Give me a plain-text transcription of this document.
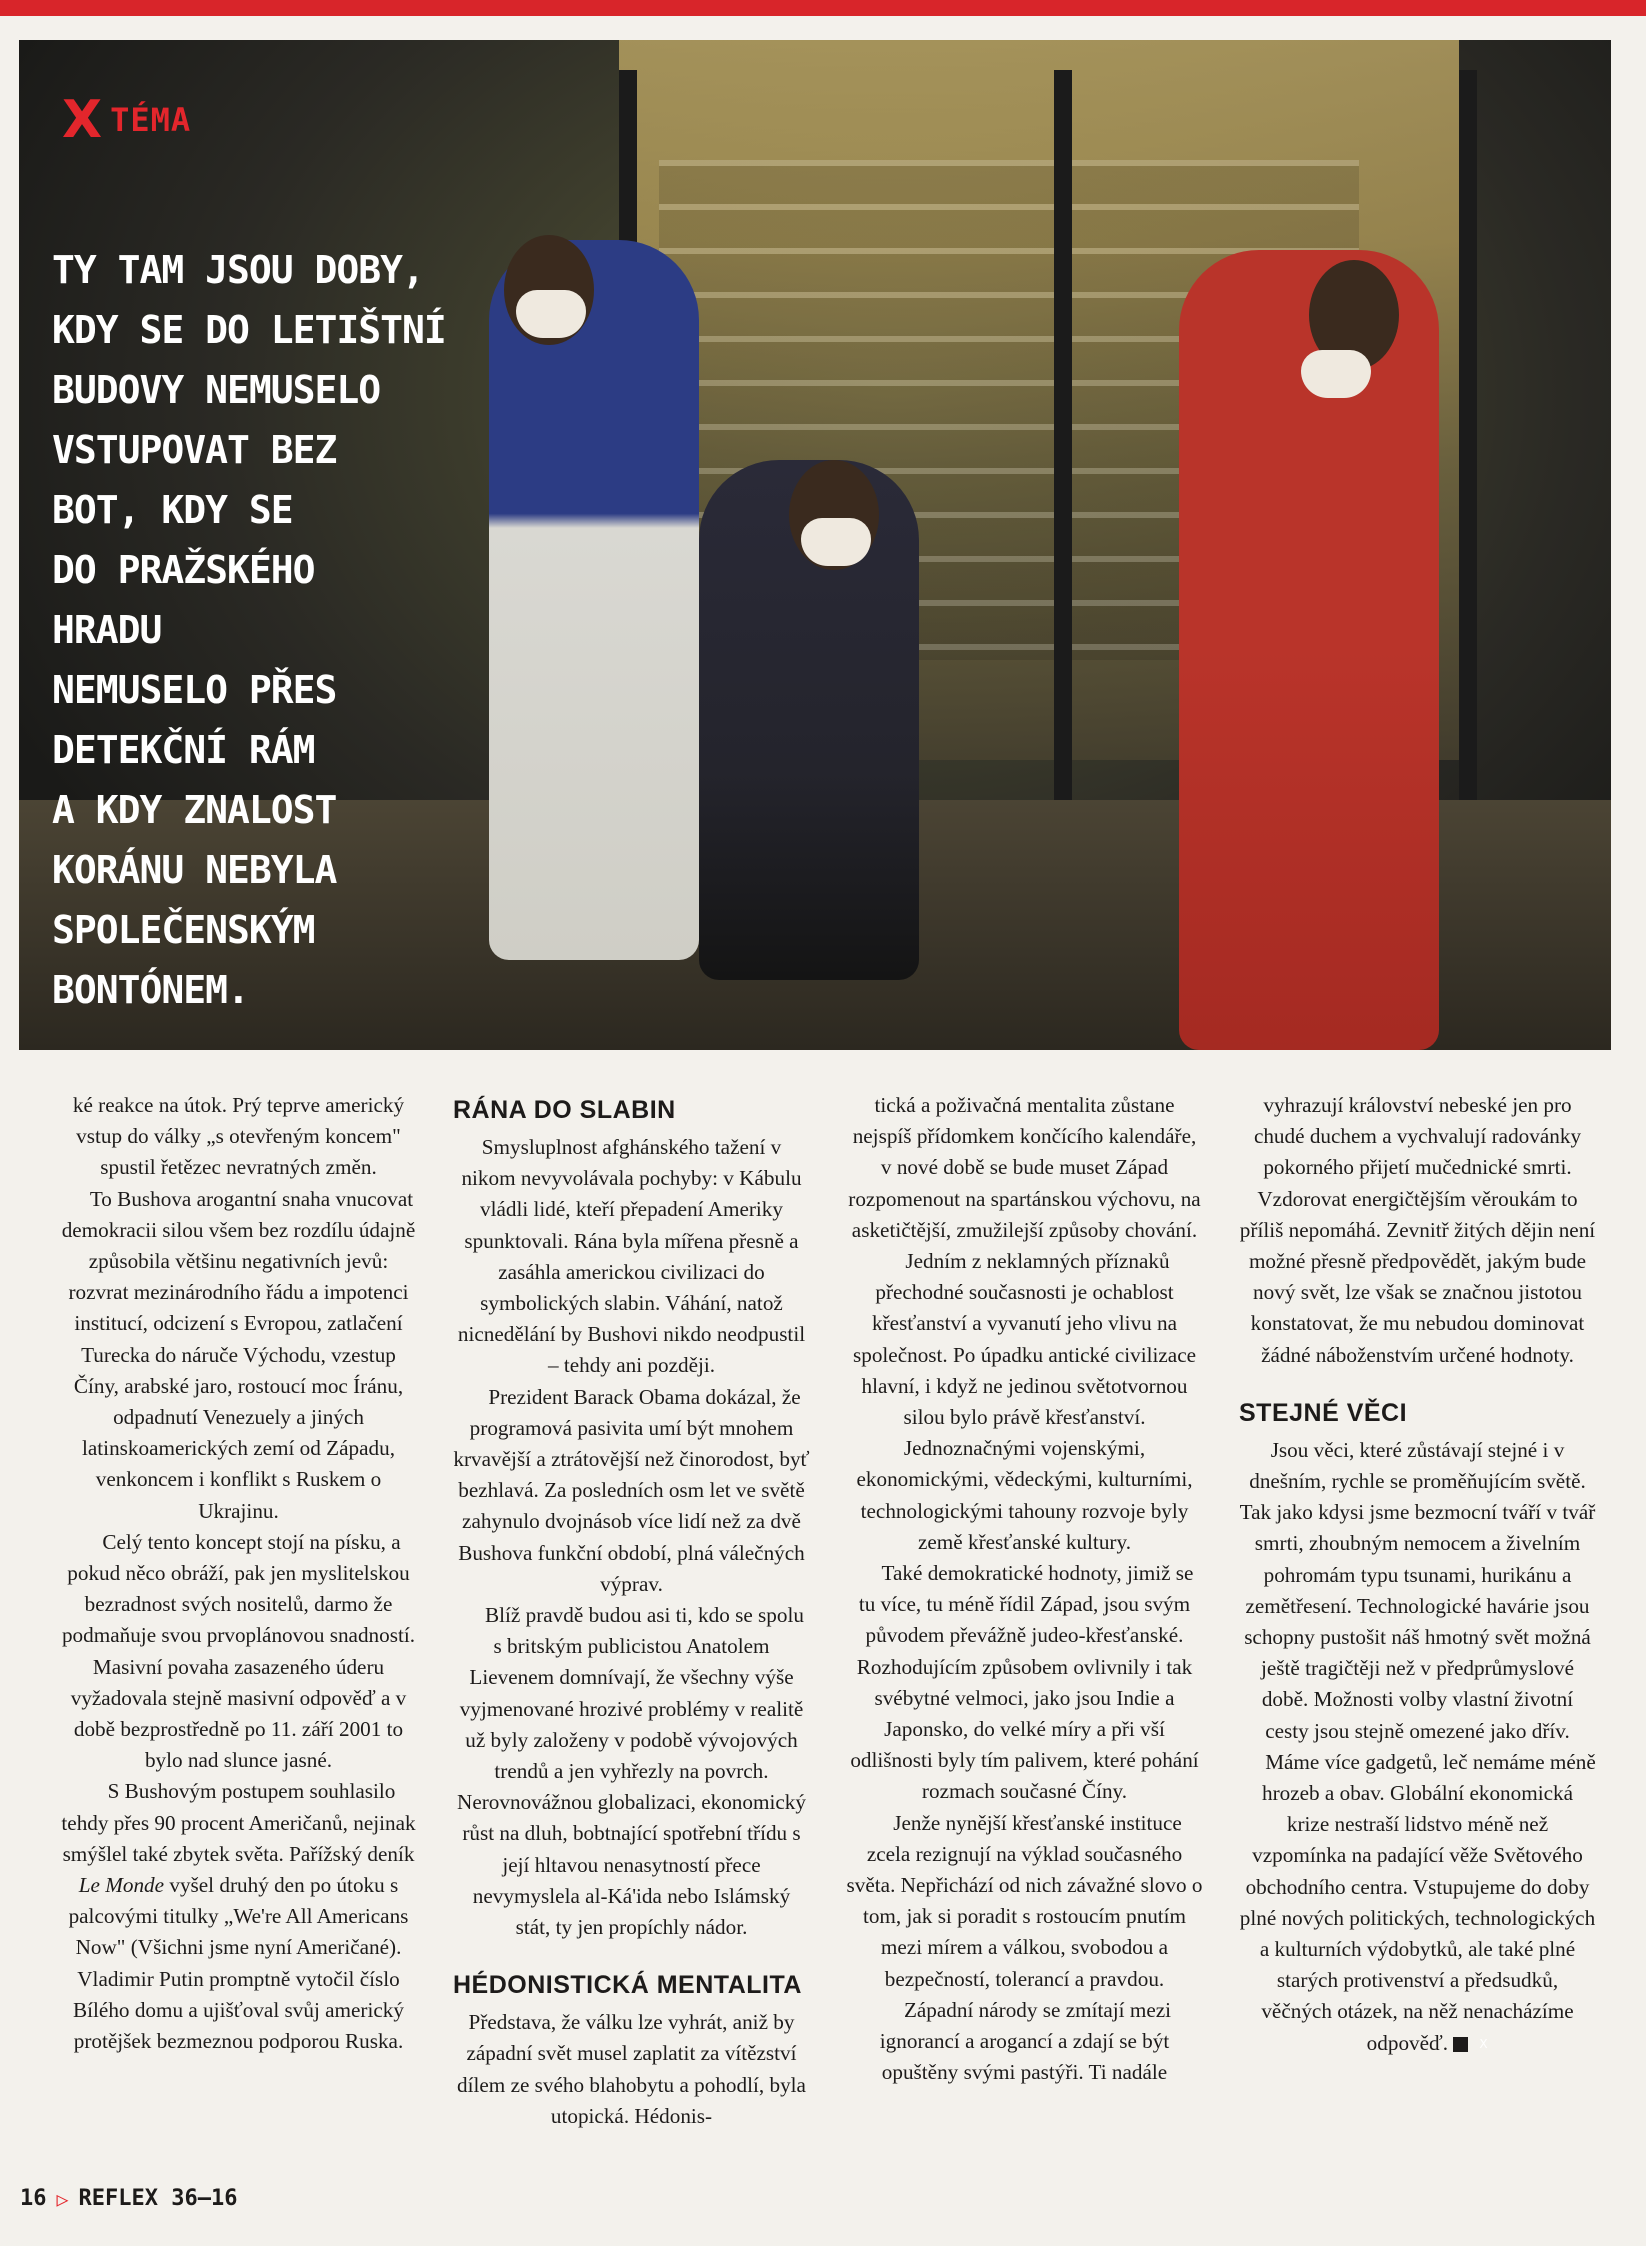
X TÉMA
TY TAM JSOU DOBY,
KDY SE DO LETIŠTNÍ
BUDOVY NEMUSELO
VSTUPOVAT BEZ
BOT, KDY SE
DO PRAŽSKÉHO
HRADU
NEMUSELO PŘES
DETEKČNÍ RÁM
A KDY ZNALOST
KORÁNU NEBYLA
SPOLEČENSKÝM
BONTÓNEM.

ké reakce na útok. Prý teprve americký vstup do války „s otevřeným koncem" spustil řetězec nevratných změn.

To Bushova arogantní snaha vnucovat demokracii silou všem bez rozdílu údajně způsobila většinu negativních jevů: rozvrat mezinárodního řádu a impotenci institucí, odcizení s Evropou, zatlačení Turecka do náruče Východu, vzestup Číny, arabské jaro, rostoucí moc Íránu, odpadnutí Venezuely a jiných latinskoamerických zemí od Západu, venkoncem i konflikt s Ruskem o Ukrajinu.

Celý tento koncept stojí na písku, a pokud něco obráží, pak jen myslitelskou bezradnost svých nositelů, darmo že podmaňuje svou prvoplánovou snadností. Masivní povaha zasazeného úderu vyžadovala stejně masivní odpověď a v době bezprostředně po 11. září 2001 to bylo nad slunce jasné.

S Bushovým postupem souhlasilo tehdy přes 90 procent Američanů, nejinak smýšlel také zbytek světa. Pařížský deník Le Monde vyšel druhý den po útoku s palcovými titulky „We're All Americans Now" (Všichni jsme nyní Američané). Vladimir Putin promptně vytočil číslo Bílého domu a ujišťoval svůj americký protějšek bezmeznou podporou Ruska.

RÁNA DO SLABIN

Smysluplnost afghánského tažení v nikom nevyvolávala pochyby: v Kábulu vládli lidé, kteří přepadení Ameriky spunktovali. Rána byla mířena přesně a zasáhla americkou civilizaci do symbolických slabin. Váhání, natož nicnedělání by Bushovi nikdo neodpustil – tehdy ani později.

Prezident Barack Obama dokázal, že programová pasivita umí být mnohem krvavější a ztrátovější než činorodost, byť bezhlavá. Za posledních osm let ve světě zahynulo dvojnásob více lidí než za dvě Bushova funkční období, plná válečných výprav.

Blíž pravdě budou asi ti, kdo se spolu s britským publicistou Anatolem Lievenem domnívají, že všechny výše vyjmenované hrozivé problémy v realitě už byly založeny v podobě vývojových trendů a jen vyhřezly na povrch. Nerovnovážnou globalizaci, ekonomický růst na dluh, bobtnající spotřební třídu s její hltavou nenasytností přece nevymyslela al-Ká'ida nebo Islámský stát, ty jen propíchly nádor.

HÉDONISTICKÁ MENTALITA

Představa, že válku lze vyhrát, aniž by západní svět musel zaplatit za vítězství dílem ze svého blahobytu a pohodlí, byla utopická. Hédonis-

tická a poživačná mentalita zůstane nejspíš přídomkem končícího kalendáře, v nové době se bude muset Západ rozpomenout na spartánskou výchovu, na asketičtější, zmužilejší způsoby chování.

Jedním z neklamných příznaků přechodné současnosti je ochablost křesťanství a vyvanutí jeho vlivu na společnost. Po úpadku antické civilizace hlavní, i když ne jedinou světotvornou silou bylo právě křesťanství. Jednoznačnými vojenskými, ekonomickými, vědeckými, kulturními, technologickými tahouny rozvoje byly země křesťanské kultury.

Také demokratické hodnoty, jimiž se tu více, tu méně řídil Západ, jsou svým původem převážně judeo-křesťanské. Rozhodujícím způsobem ovlivnily i tak svébytné velmoci, jako jsou Indie a Japonsko, do velké míry a při vší odlišnosti byly tím palivem, které pohání rozmach současné Číny.

Jenže nynější křesťanské instituce zcela rezignují na výklad současného světa. Nepřichází od nich závažné slovo o tom, jak si poradit s rostoucím pnutím mezi mírem a válkou, svobodou a bezpečností, tolerancí a pravdou.

Západní národy se zmítají mezi ignorancí a arogancí a zdají se být opuštěny svými pastýři. Ti nadále

vyhrazují království nebeské jen pro chudé duchem a vychvalují radovánky pokorného přijetí mučednické smrti. Vzdorovat energičtějším věroukám to příliš nepomáhá. Zevnitř žitých dějin není možné přesně předpovědět, jakým bude nový svět, lze však se značnou jistotou konstatovat, že mu nebudou dominovat žádné náboženstvím určené hodnoty.

STEJNÉ VĚCI

Jsou věci, které zůstávají stejné i v dnešním, rychle se proměňujícím světě. Tak jako kdysi jsme bezmocní tváří v tvář smrti, zhoubným nemocem a živelním pohromám typu tsunami, hurikánu a zemětřesení. Technologické havárie jsou schopny pustošit náš hmotný svět možná ještě tragičtěji než v předprůmyslové době. Možnosti volby vlastní životní cesty jsou stejně omezené jako dřív.

Máme více gadgetů, leč nemáme méně hrozeb a obav. Globální ekonomická krize nestraší lidstvo méně než vzpomínka na padající věže Světového obchodního centra. Vstupujeme do doby plné nových politických, technologických a kulturních výdobytků, ale také plné starých protivenství a předsudků, věčných otázek, na něž nenacházíme odpověď.	X

16 ▷ REFLEX 36–16
